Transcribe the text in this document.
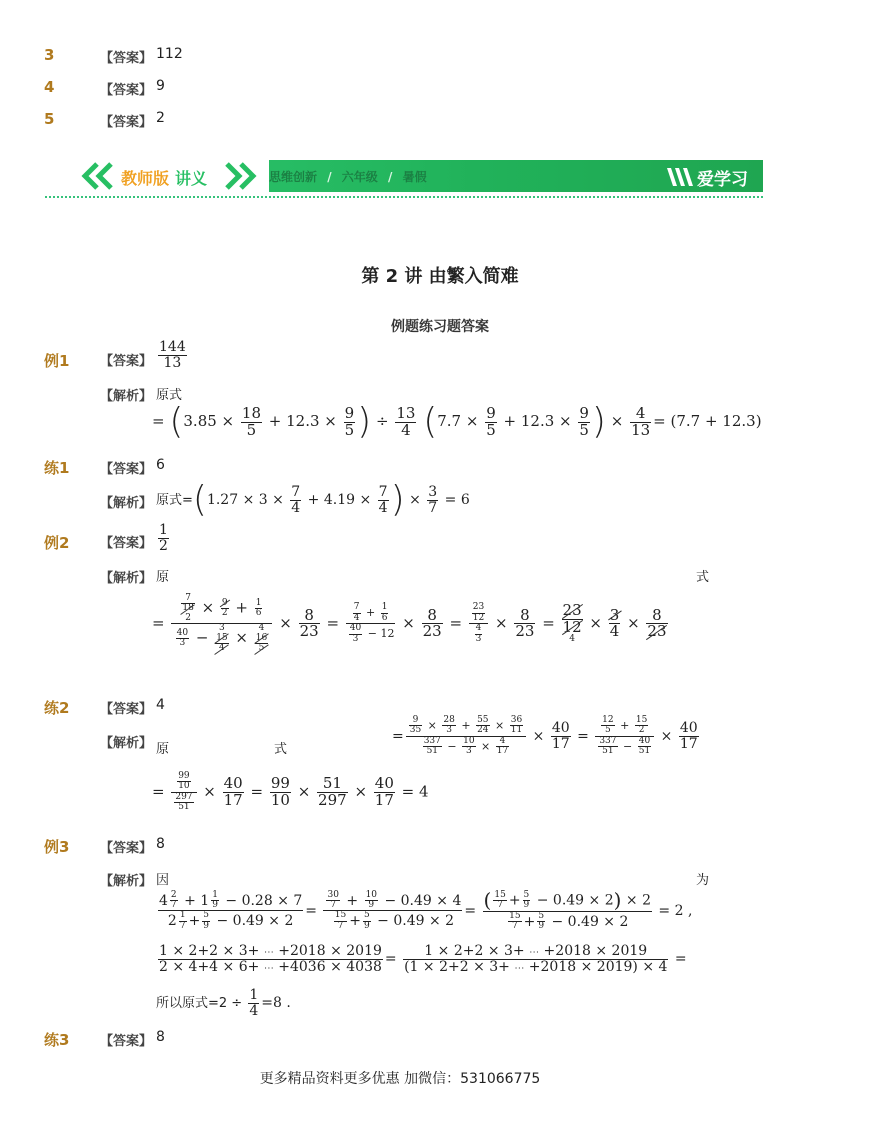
3	【答案】 112
4	【答案】 9
5	【答案】 2
教师版 讲义	思维创新 / 六年级 / 暑假	爱学习
第 2 讲 由繁入简难
例题练习题答案
例1 【答案】 $\frac{144}{13}$
【解析】 原式
= ($3.85 \times \frac{18}{5} + 12.3 \times \frac{9}{5}$ ) ÷ $\frac{13}{4} (7.7 \times \frac{9}{5} + 12.3 \times \frac{9}{5}$ ) × $\frac{4}{13} = (7.7 + 12.3)$
练1 【答案】 6
【解析】 原式$=(1.27 \times 3 \times \frac{7}{4} + 4.19 \times \frac{7}{4}$ ) × $\frac{3}{7} = 6$
例2 【答案】 $\frac{1}{2}$
【解析】 原	式
= 7
18
2
× $\frac{9}{2} + \frac{1}{6}$
$\frac{40}{3}$ −
3
15
4
×
4
16
$5 \times \frac{8}{23} = \frac{\frac{7}{4} + \frac{1}{6}}{\frac{40}{3} - 12} \times \frac{8}{23} = \frac{\frac{23}{12}}{\frac{4}{3}} \times \frac{8}{23}$ =
23
12
4
× $\frac{3}{4} \times \frac{8}{23}$
练2 【答案】 4
【解析】 原	式
= $\frac{\frac{9}{35} \times \frac{28}{3} + \frac{55}{24} \times \frac{36}{11}}{\frac{337}{51} - \frac{10}{3} \times \frac{4}{17}} \times \frac{40}{17} = \frac{\frac{12}{5} + \frac{15}{2}}{\frac{337}{51} - \frac{40}{51}} \times \frac{40}{17}$
= $\frac{\frac{99}{10}}{\frac{297}{51}} \times \frac{40}{17} = \frac{99}{10} \times \frac{51}{297} \times \frac{40}{17} = 4$
例3 【答案】 8
【解析】 因	为
$\frac{4 \frac{2}{7} + 1 \frac{1}{9} - 0.28 \times 7}{2 \frac{1}{7} + \frac{5}{9} - 0.49 \times 2} = \frac{\frac{30}{7} + \frac{10}{9} - 0.49 \times 4}{\frac{15}{7} + \frac{5}{9} - 0.49 \times 2} = \frac{( \frac{15}{7} + \frac{5}{9} - 0.49 \times 2) \times 2}{\frac{15}{7} + \frac{5}{9} - 0.49 \times 2} = 2$ ,
$\frac{1 \times 2+2 \times 3+ \cdots +2018 \times 2019}{2 \times 4+4 \times 6+ \cdots +4036 \times 4038} = \frac{1 \times 2+2 \times 3+ \cdots +2018 \times 2019}{(1 \times 2+2 \times 3+ \cdots +2018 \times 2019) \times 4}$ =
所以原式$=2 \div \frac{1}{4} =8$ .
练3 【答案】 8
更多精品资料更多优惠 加微信：531066775
